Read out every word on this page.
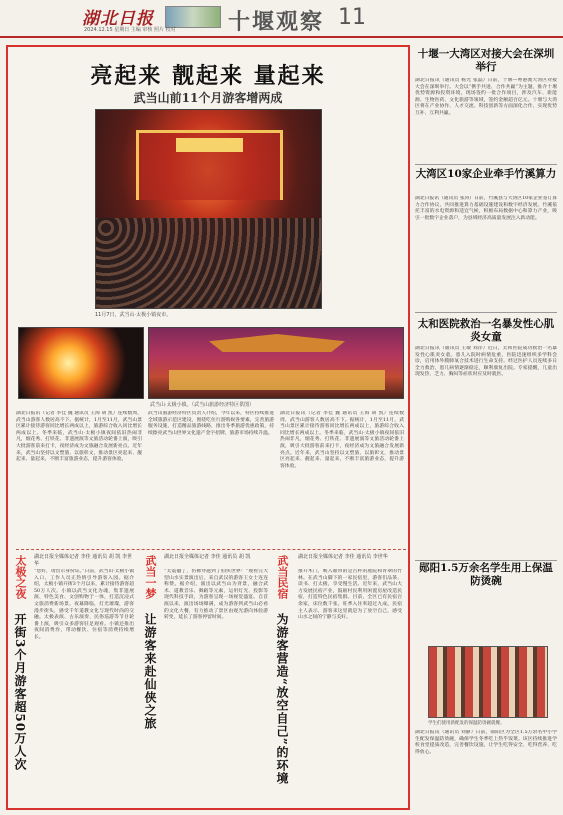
湖北日报
2024.12.15 星期日 主编 审核 照片 校对 十堰观察 11
亮起来 靓起来 量起来
武当山前11个月游客增两成
11月7日，武当山·太极小镇夜市。
武当山·太极小镇。（武当山旅游经济特区供图）
湖北日报讯（记者 李佳 魏 通讯员 王海 胡 凯）连续数周，武当山游客人数居高不下。据统计，1月至11月，武当山景区累计接待游客同比增长两成以上，旅游综合收入同比增长两成以上。冬季来临，武当山·太极小镇夜间依旧热闹非凡，烟花秀、打铁花、非遗展演等文旅活动轮番上演，吸引大批游客前来打卡，夜经济成为文旅融合发展新亮点。近年来，武当山坚持以文塑旅、以旅彰文，推动景区亮起来、靓起来、量起来，不断丰富旅游业态，提升游客体验。
武当山旅游经济特区负责人介绍，今年以来，特区持续推进全域旅游示范区建设，围绕吃住行游购娱各要素，完善旅游服务设施，打造精品旅游线路，推出冬季旅游优惠政策，持续擦亮武当山世界文化遗产金字招牌，旅游市场持续升温。
湖北日报讯（记者 李佳 魏 通讯员 王海 胡 凯）连续数周，武当山游客人数居高不下。据统计，1月至11月，武当山景区累计接待游客同比增长两成以上，旅游综合收入同比增长两成以上。冬季来临，武当山·太极小镇夜间依旧热闹非凡，烟花秀、打铁花、非遗展演等文旅活动轮番上演，吸引大批游客前来打卡，夜经济成为文旅融合发展新亮点。近年来，武当山坚持以文塑旅、以旅彰文，推动景区亮起来、靓起来、量起来，不断丰富旅游业态，提升游客体验。
太极之夜
开街3个月游客超50万人次
湖北日报全媒体记者 李佳 通讯员 胡 凯 李世华
“您好，请出示身份证。”日前，武当山·太极小镇入口，工作人员正热情引导游客入园。据介绍，太极小镇开街3个月以来，累计接待游客超50万人次。小镇以武当文化为魂，集非遗展演、特色美食、文创购物于一体，打造沉浸式文旅消费新场景。夜幕降临，灯光璀璨，游客漫步街头，感受千年道教文化与现代时尚的交融。太极表演、古乐演奏、民俗巡游等节目轮番上演，吸引众多游客驻足观看。小镇还推出夜间消费券，带动餐饮、住宿等消费持续增长。
武当一梦
让游客来赴仙侠之旅
湖北日报全媒体记者 李佳 通讯员 胡 凯
“太震撼了，仿佛穿越到了仙侠世界！”观看完大型山水实景演出后，来自武汉的游客王女士连连称赞。据介绍，演出以武当山为背景，融合武术、道教音乐、舞蹈等元素，运用灯光、投影等现代科技手段，为游客呈现一场视觉盛宴。自首演以来，演出场场爆满，成为游客到武当山必看的文化大餐，有力推动了景区由观光游向体验游转变，延长了游客停留时间。
武当民宿
为游客营造“放空自己”的环境
湖北日报全媒体记者 李佳 通讯员 李世华
推开木门，映入眼帘的是古朴的庭院和青翠的竹林。在武当山脚下的一家民宿里，游客们品茶、读书、打太极，享受慢生活。近年来，武当山大力发展民宿产业，鼓励村民利用闲置房屋改造民宿，打造特色民宿集群。目前，全区已有民宿百余家，床位数千张，旺季入住率超过九成。民宿主人表示，游客来这里就是为了放空自己，感受山水之间的宁静与美好。
十堰一大湾区对接大会在深圳举行
湖北日报讯（通讯员 杨光 张磊）日前，十堰—粤港澳大湾区对接大会在深圳举行。大会以“携手共进、合作共赢”为主题，推介十堰优势资源和投资环境，现场签约一批合作项目，涉及汽车、新能源、生物医药、文化旅游等领域，签约金额超百亿元。十堰与大湾区将在产业协作、人才交流、科技创新等方面深化合作，实现优势互补、互利共赢。
大湾区10家企业牵手竹溪算力
湖北日报讯（通讯员 张涛）日前，竹溪县与大湾区10家企业签订算力合作协议，共同推进算力基础设施建设和数字经济发展。竹溪依托丰富的水电资源和适宜气候，积极布局数据中心和算力产业，吸引一批数字企业落户，为县域经济高质量发展注入新动能。
太和医院救治一名暴发性心肌炎女童
湖北日报讯（通讯员 王敏 刘洋）近日，太和医院成功救治一名暴发性心肌炎女童。患儿入院时病情危重，医院迅速组织多学科会诊，启用体外膜肺氧合技术进行生命支持。经过医护人员连续多日全力救治，患儿病情逐渐稳定，顺利康复出院。专家提醒，儿童出现发热、乏力、胸闷等症状时应及时就医。
郧阳1.5万余名学生用上保温防烫碗
学生们使用新配发的保温防烫碗就餐。
湖北日报讯（通讯员 刘静）日前，郧阳区为全区1.5万余名中小学生配发保温防烫碗，确保学生冬季吃上热乎饭菜。该区持续推进学校食堂提质改造，完善餐饮设施，让学生吃得安全、吃得营养、吃得放心。
